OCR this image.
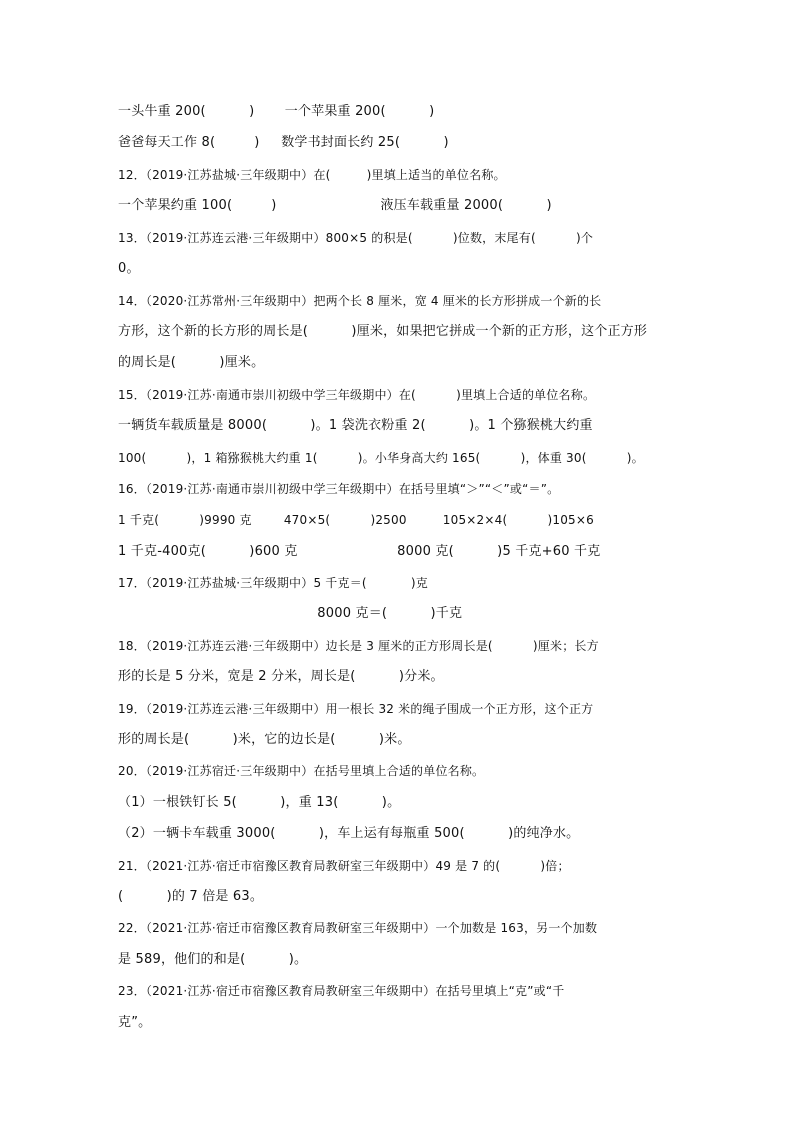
一头牛重 200(          )       一个苹果重 200(          )
爸爸每天工作 8(         )     数学书封面长约 25(          )
12．（2019·江苏盐城·三年级期中）在(         )里填上适当的单位名称。
一个苹果约重 100(         )                        液压车载重量 2000(          )
13．（2019·江苏连云港·三年级期中）800×5 的积是(          )位数，末尾有(          )个
0。
14．（2020·江苏常州·三年级期中）把两个长 8 厘米，宽 4 厘米的长方形拼成一个新的长
方形，这个新的长方形的周长是(          )厘米，如果把它拼成一个新的正方形，这个正方形
的周长是(          )厘米。
15．（2019·江苏·南通市崇川初级中学三年级期中）在(          )里填上合适的单位名称。
一辆货车载质量是 8000(          )。1 袋洗衣粉重 2(          )。1 个猕猴桃大约重
100(          )，1 箱猕猴桃大约重 1(          )。小华身高大约 165(          )，体重 30(          )。
16．（2019·江苏·南通市崇川初级中学三年级期中）在括号里填“＞”“＜”或“＝”。
1 千克(          )9990 克        470×5(          )2500         105×2×4(          )105×6
1 千克-400克(          )600 克                       8000 克(          )5 千克+60 千克
17．（2019·江苏盐城·三年级期中）5 千克＝(           )克
8000 克＝(          )千克
18．（2019·江苏连云港·三年级期中）边长是 3 厘米的正方形周长是(          )厘米；长方
形的长是 5 分米，宽是 2 分米，周长是(          )分米。
19．（2019·江苏连云港·三年级期中）用一根长 32 米的绳子围成一个正方形，这个正方
形的周长是(          )米，它的边长是(          )米。
20．（2019·江苏宿迁·三年级期中）在括号里填上合适的单位名称。
（1）一根铁钉长 5(          )，重 13(          )。
（2）一辆卡车载重 3000(          )，车上运有每瓶重 500(          )的纯净水。
21．（2021·江苏·宿迁市宿豫区教育局教研室三年级期中）49 是 7 的(          )倍；
(          )的 7 倍是 63。
22．（2021·江苏·宿迁市宿豫区教育局教研室三年级期中）一个加数是 163，另一个加数
是 589，他们的和是(          )。
23．（2021·江苏·宿迁市宿豫区教育局教研室三年级期中）在括号里填上“克”或“千
克”。
